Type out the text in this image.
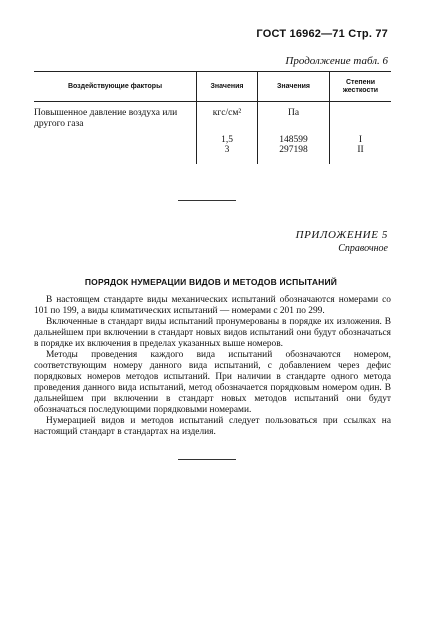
ГОСТ 16962—71 Стр. 77
Продолжение табл. 6
Воздействующие факторы	Значения	Значения
Степени жесткости
Повышенное давление воздуха или другого газа
кгс/см²
1,5
3
Па
148599
297198

I
II
ПРИЛОЖЕНИЕ 5
Справочное
ПОРЯДОК НУМЕРАЦИИ ВИДОВ И МЕТОДОВ ИСПЫТАНИЙ

В настоящем стандарте виды механических испытаний обозначаются номерами со 101 по 199, а виды климатических испытаний — номерами с 201 по 299.

Включенные в стандарт виды испытаний пронумерованы в порядке их изложения. В дальнейшем при включении в стандарт новых видов испытаний они будут обозначаться в порядке их включения в пределах указанных выше номеров.

Методы проведения каждого вида испытаний обозначаются номером, соответствующим номеру данного вида испытаний, с добавлением через дефис порядковых номеров методов испытаний. При наличии в стандарте одного метода проведения данного вида испытаний, метод обозначается порядковым номером один. В дальнейшем при включении в стандарт новых методов испытаний они будут обозначаться последующими порядковыми номерами.

Нумерацией видов и методов испытаний следует пользоваться при ссылках на настоящий стандарт в стандартах на изделия.
